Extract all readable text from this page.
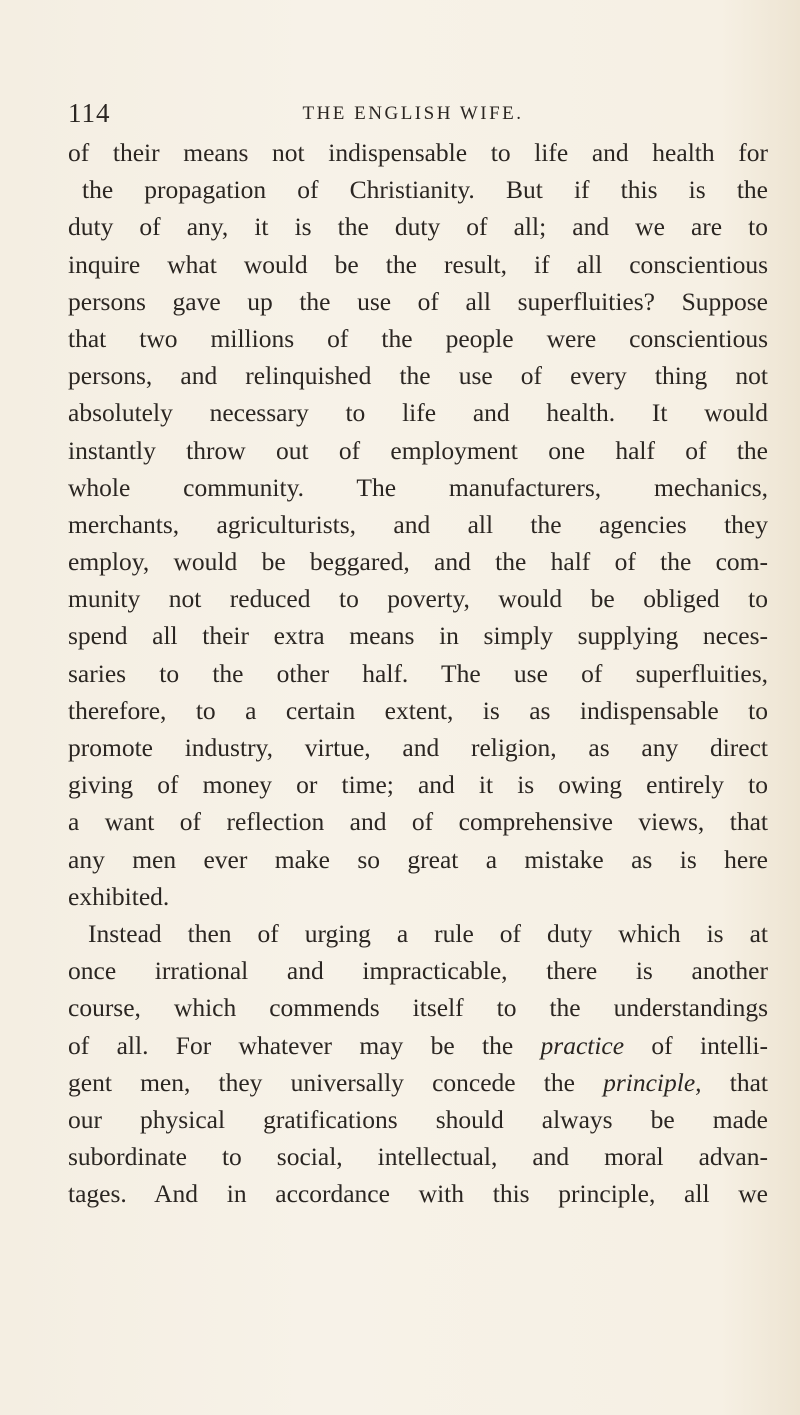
114	THE ENGLISH WIFE.
of their means not indispensable to life and health for
the propagation of Christianity. But if this is the
duty of any, it is the duty of all; and we are to
inquire what would be the result, if all conscientious
persons gave up the use of all superfluities? Suppose
that two millions of the people were conscientious
persons, and relinquished the use of every thing not
absolutely necessary to life and health. It would
instantly throw out of employment one half of the
whole community. The manufacturers, mechanics,
merchants, agriculturists, and all the agencies they
employ, would be beggared, and the half of the com-
munity not reduced to poverty, would be obliged to
spend all their extra means in simply supplying neces-
saries to the other half. The use of superfluities,
therefore, to a certain extent, is as indispensable to
promote industry, virtue, and religion, as any direct
giving of money or time; and it is owing entirely to
a want of reflection and of comprehensive views, that
any men ever make so great a mistake as is here
exhibited.
Instead then of urging a rule of duty which is at
once irrational and impracticable, there is another
course, which commends itself to the understandings
of all. For whatever may be the practice of intelli-
gent men, they universally concede the principle, that
our physical gratifications should always be made
subordinate to social, intellectual, and moral advan-
tages. And in accordance with this principle, all we
